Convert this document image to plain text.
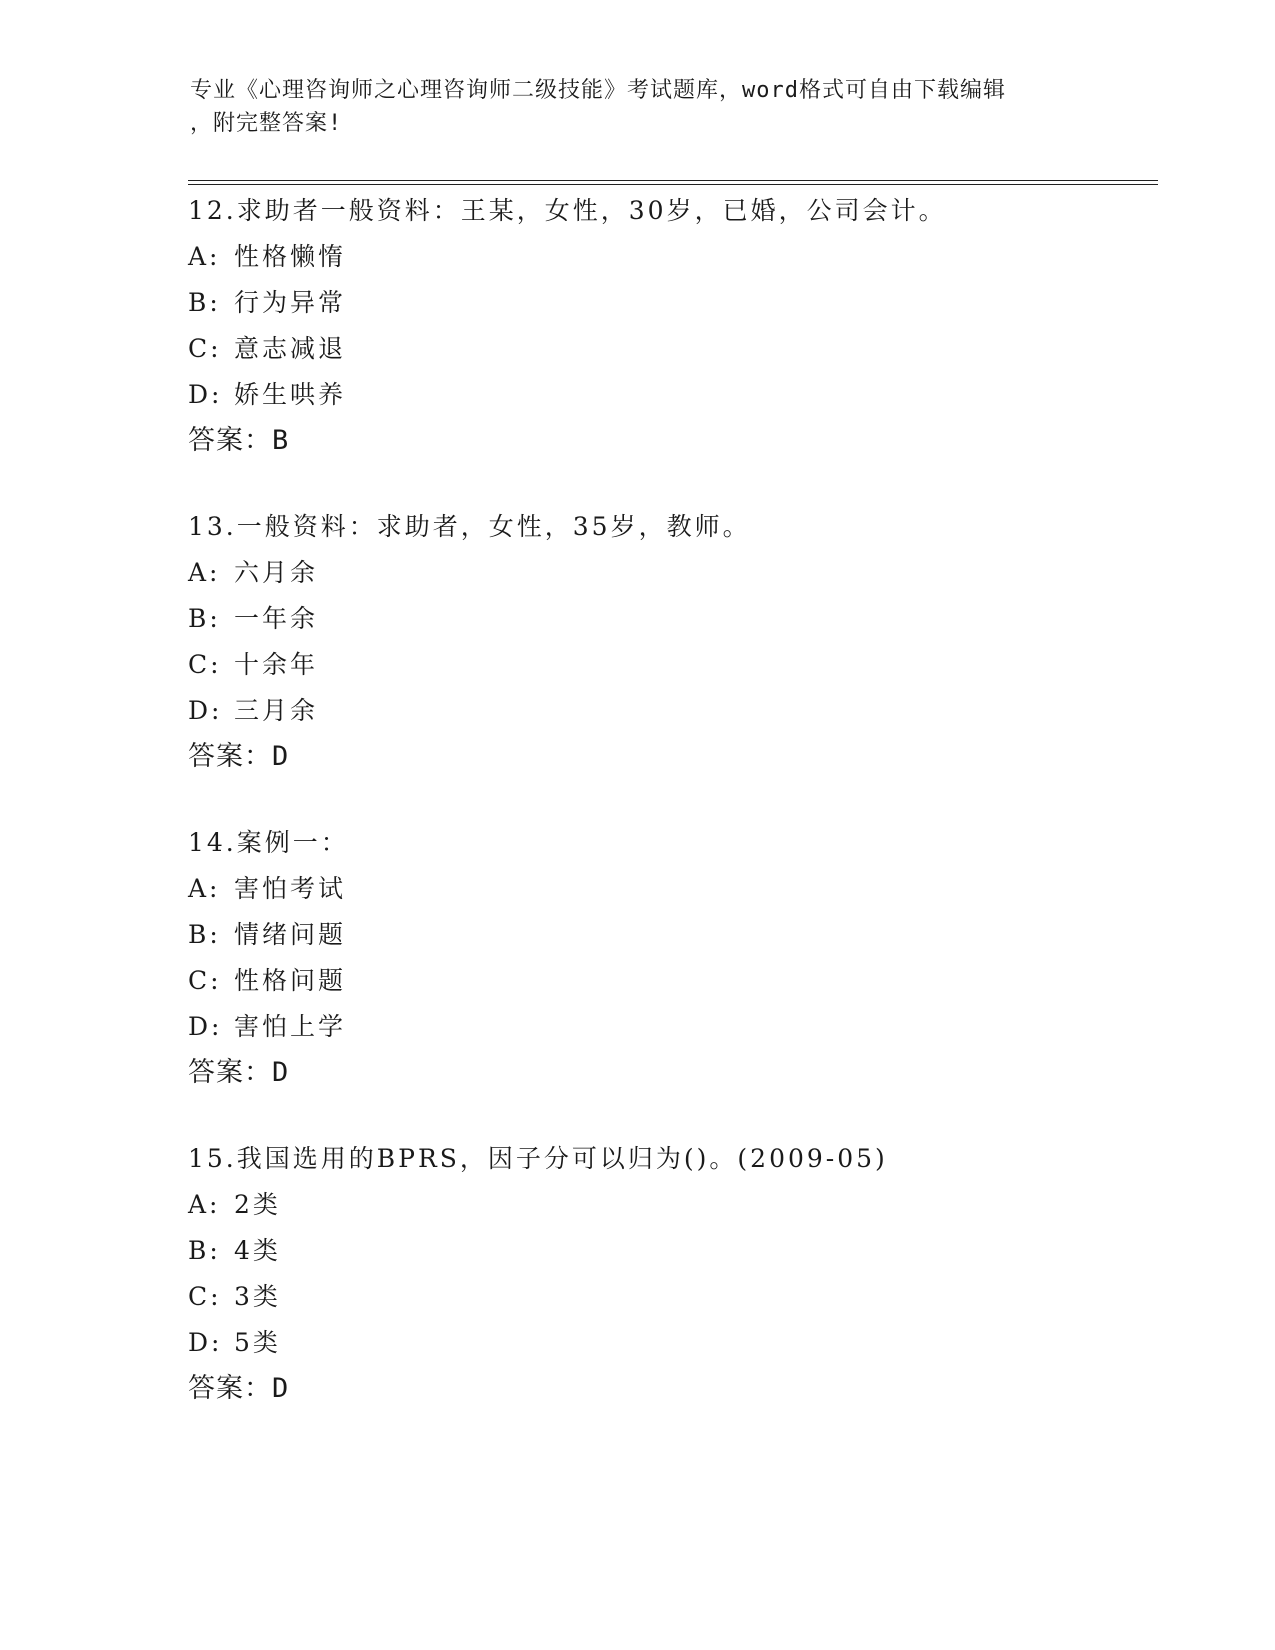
专业《心理咨询师之心理咨询师二级技能》考试题库，word格式可自由下载编辑
，附完整答案!
12.求助者一般资料：王某，女性，30岁，已婚，公司会计。
A: 性格懒惰
B: 行为异常
C: 意志减退
D: 娇生哄养
答案：B
13.一般资料：求助者，女性，35岁，教师。
A: 六月余
B: 一年余
C: 十余年
D: 三月余
答案：D
14.案例一：
A: 害怕考试
B: 情绪问题
C: 性格问题
D: 害怕上学
答案：D
15.我国选用的BPRS，因子分可以归为()。(2009-05)
A: 2类
B: 4类
C: 3类
D: 5类
答案：D
